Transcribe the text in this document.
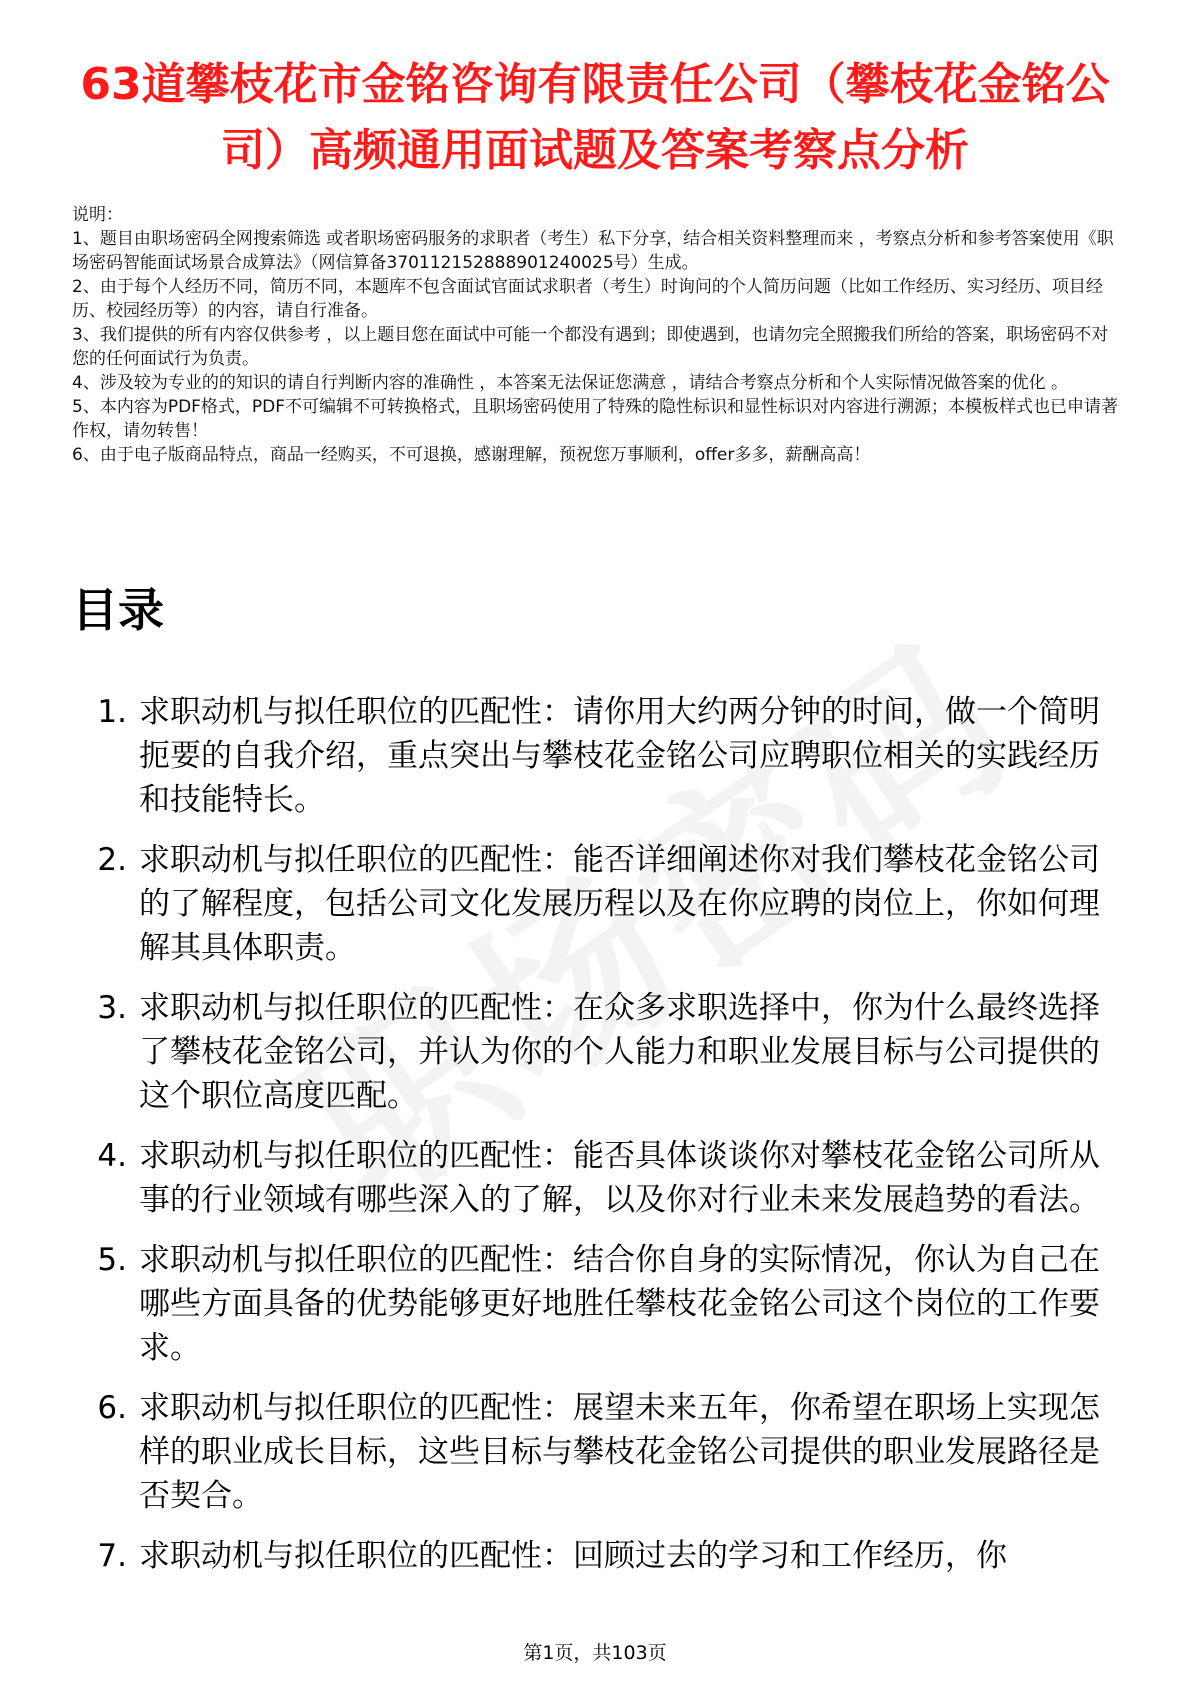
63道攀枝花市金铭咨询有限责任公司（攀枝花金铭公司）高频通用面试题及答案考察点分析

说明：

1、题目由职场密码全网搜索筛选 或者职场密码服务的求职者（考生）私下分享，结合相关资料整理而来 ，考察点分析和参考答案使用《职场密码智能面试场景合成算法》（网信算备370112152888901240025号）生成。

2、由于每个人经历不同，简历不同，本题库不包含面试官面试求职者（考生）时询问的个人简历问题（比如工作经历、实习经历、项目经历、校园经历等）的内容，请自行准备。

3、我们提供的所有内容仅供参考 ，以上题目您在面试中可能一个都没有遇到；即使遇到，也请勿完全照搬我们所给的答案，职场密码不对您的任何面试行为负责。

4、涉及较为专业的的知识的请自行判断内容的准确性 ，本答案无法保证您满意 ，请结合考察点分析和个人实际情况做答案的优化 。

5、本内容为PDF格式，PDF不可编辑不可转换格式，且职场密码使用了特殊的隐性标识和显性标识对内容进行溯源；本模板样式也已申请著作权，请勿转售！

6、由于电子版商品特点，商品一经购买，不可退换，感谢理解，预祝您万事顺利，offer多多，薪酬高高！

目录
1. 求职动机与拟任职位的匹配性：请你用大约两分钟的时间，做一个简明扼要的自我介绍，重点突出与攀枝花金铭公司应聘职位相关的实践经历和技能特长。
2. 求职动机与拟任职位的匹配性：能否详细阐述你对我们攀枝花金铭公司的了解程度，包括公司文化发展历程以及在你应聘的岗位上，你如何理解其具体职责。
3. 求职动机与拟任职位的匹配性：在众多求职选择中，你为什么最终选择了攀枝花金铭公司，并认为你的个人能力和职业发展目标与公司提供的这个职位高度匹配。
4. 求职动机与拟任职位的匹配性：能否具体谈谈你对攀枝花金铭公司所从事的行业领域有哪些深入的了解，以及你对行业未来发展趋势的看法。
5. 求职动机与拟任职位的匹配性：结合你自身的实际情况，你认为自己在哪些方面具备的优势能够更好地胜任攀枝花金铭公司这个岗位的工作要求。
6. 求职动机与拟任职位的匹配性：展望未来五年，你希望在职场上实现怎样的职业成长目标，这些目标与攀枝花金铭公司提供的职业发展路径是否契合。
7. 求职动机与拟任职位的匹配性：回顾过去的学习和工作经历，你
第1页，共103页
